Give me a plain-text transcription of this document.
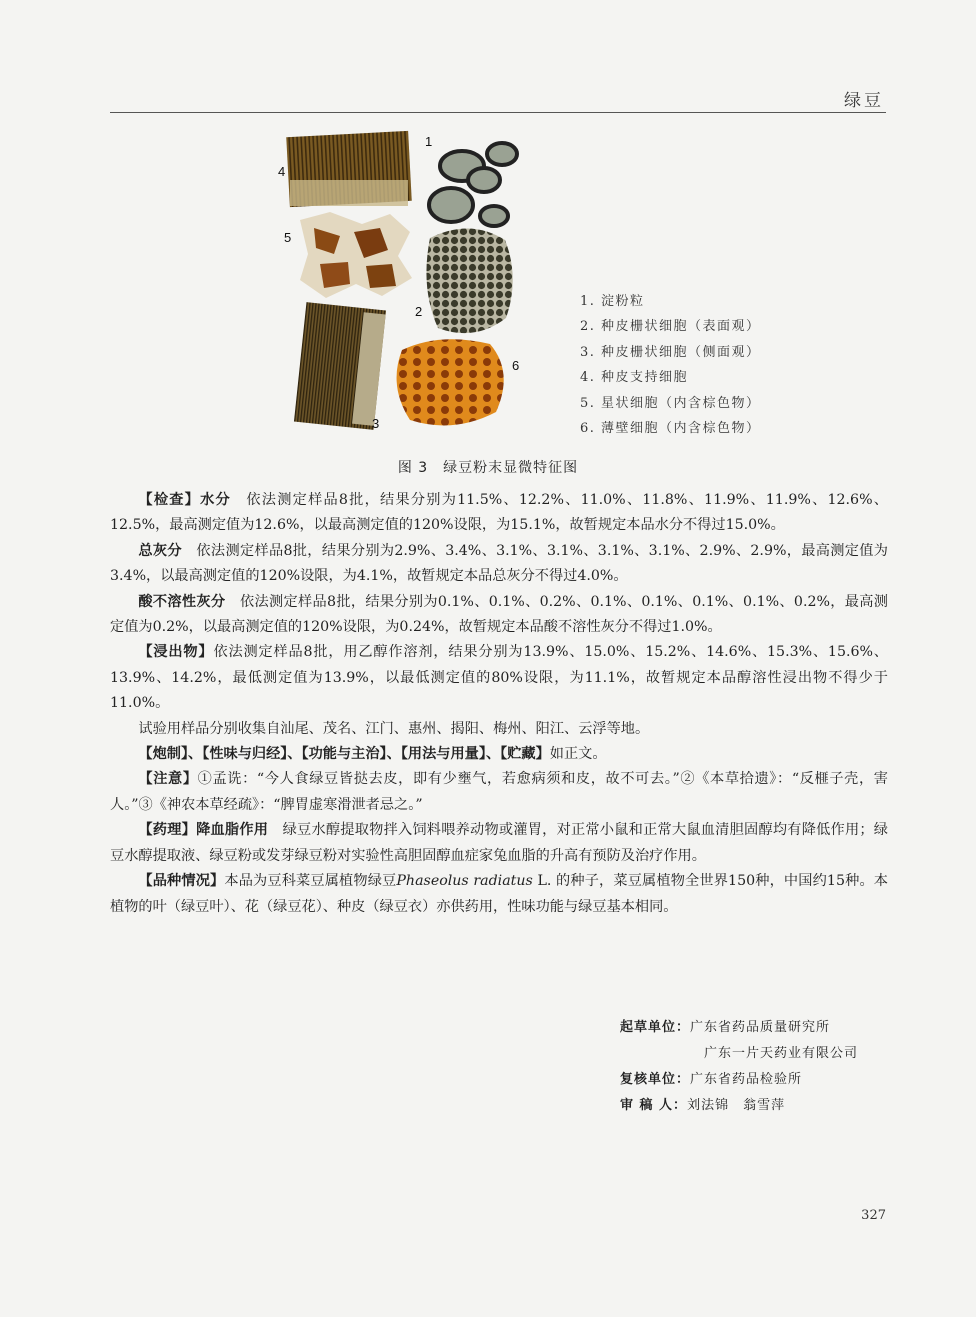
绿豆
1
2
3
4
5
6
1. 淀粉粒
2. 种皮栅状细胞（表面观）
3. 种皮栅状细胞（侧面观）
4. 种皮支持细胞
5. 星状细胞（内含棕色物）
6. 薄壁细胞（内含棕色物）
图 3　绿豆粉末显微特征图

【检查】水分　依法测定样品8批，结果分别为11.5%、12.2%、11.0%、11.8%、11.9%、11.9%、12.6%、12.5%，最高测定值为12.6%，以最高测定值的120%设限，为15.1%，故暂规定本品水分不得过15.0%。

总灰分　依法测定样品8批，结果分别为2.9%、3.4%、3.1%、3.1%、3.1%、3.1%、2.9%、2.9%，最高测定值为3.4%，以最高测定值的120%设限，为4.1%，故暂规定本品总灰分不得过4.0%。

酸不溶性灰分　依法测定样品8批，结果分别为0.1%、0.1%、0.2%、0.1%、0.1%、0.1%、0.1%、0.2%，最高测定值为0.2%，以最高测定值的120%设限，为0.24%，故暂规定本品酸不溶性灰分不得过1.0%。

【浸出物】依法测定样品8批，用乙醇作溶剂，结果分别为13.9%、15.0%、15.2%、14.6%、15.3%、15.6%、13.9%、14.2%，最低测定值为13.9%，以最低测定值的80%设限，为11.1%，故暂规定本品醇溶性浸出物不得少于11.0%。

试验用样品分别收集自汕尾、茂名、江门、惠州、揭阳、梅州、阳江、云浮等地。

【炮制】、【性味与归经】、【功能与主治】、【用法与用量】、【贮藏】如正文。

【注意】①孟诜：“今人食绿豆皆挞去皮，即有少壅气，若愈病须和皮，故不可去。”②《本草拾遗》：“反榧子壳，害人。”③《神农本草经疏》：“脾胃虚寒滑泄者忌之。”

【药理】降血脂作用　绿豆水醇提取物拌入饲料喂养动物或灌胃，对正常小鼠和正常大鼠血清胆固醇均有降低作用；绿豆水醇提取液、绿豆粉或发芽绿豆粉对实验性高胆固醇血症家兔血脂的升高有预防及治疗作用。

【品种情况】本品为豆科菜豆属植物绿豆Phaseolus radiatus L. 的种子，菜豆属植物全世界150种，中国约15种。本植物的叶（绿豆叶）、花（绿豆花）、种皮（绿豆衣）亦供药用，性味功能与绿豆基本相同。

起草单位：广东省药品质量研究所
广东一片天药业有限公司
复核单位：广东省药品检验所
审 稿 人：刘法锦　翁雪萍
327
